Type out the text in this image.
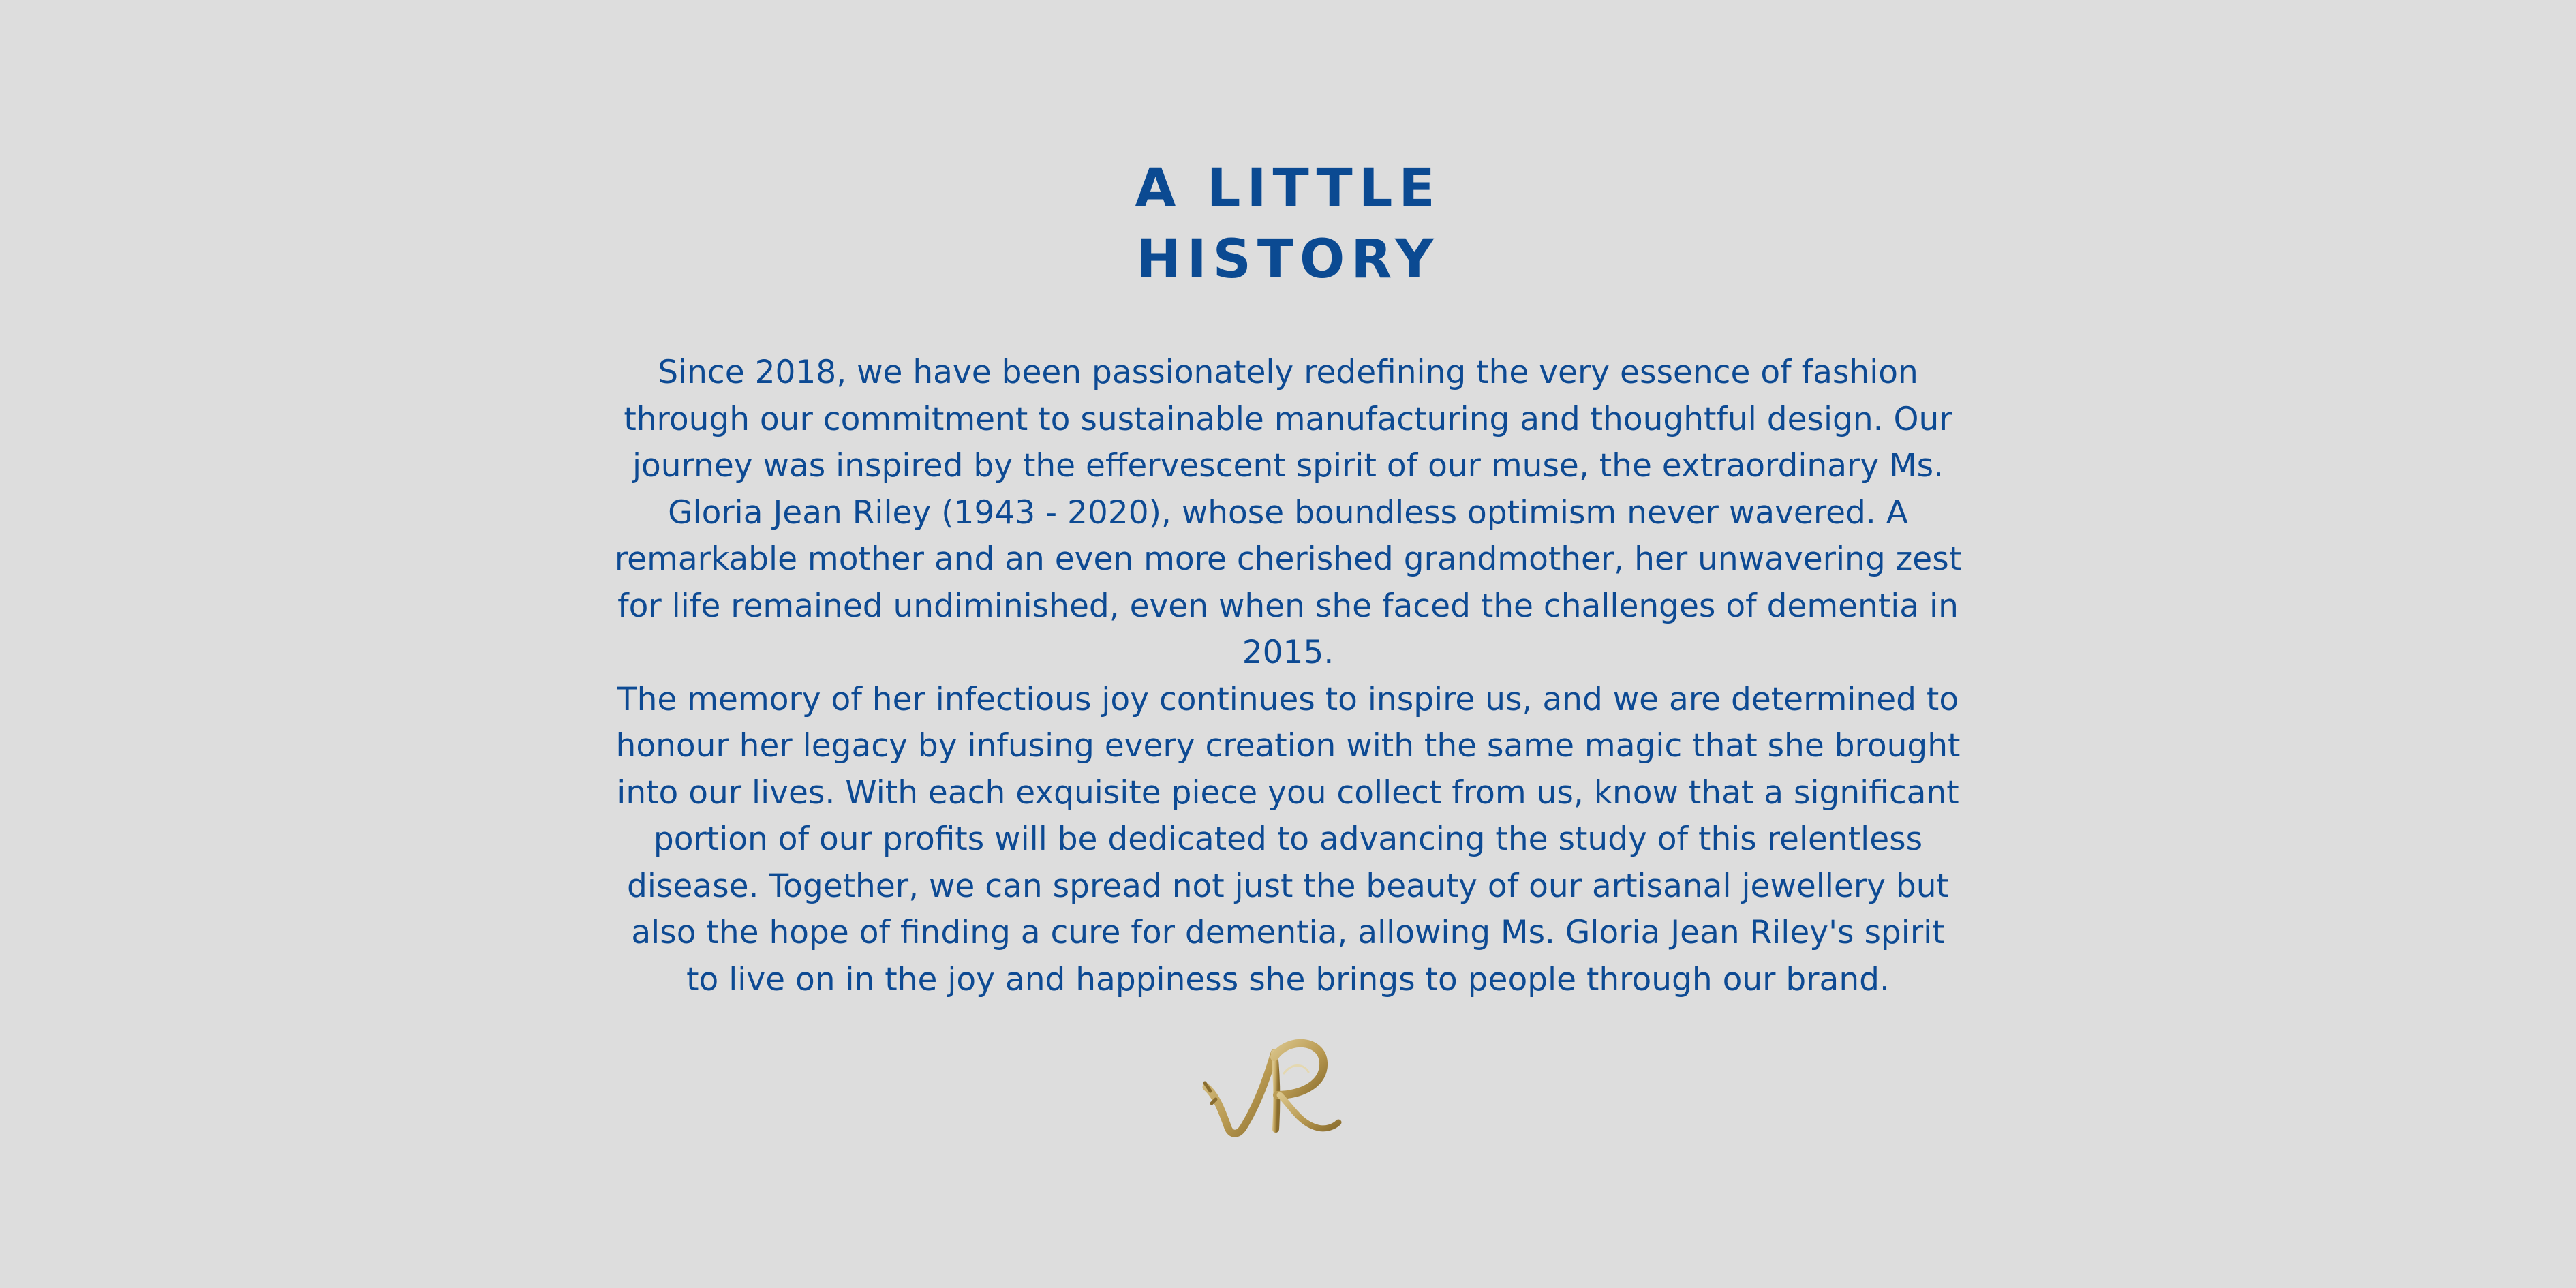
A LITTLE
HISTORY

Since 2018, we have been passionately redefining the very essence of fashion through our commitment to sustainable manufacturing and thoughtful design. Our journey was inspired by the effervescent spirit of our muse, the extraordinary Ms. Gloria Jean Riley (1943 - 2020), whose boundless optimism never wavered. A remarkable mother and an even more cherished grandmother, her unwavering zest for life remained undiminished, even when she faced the challenges of dementia in 2015.

The memory of her infectious joy continues to inspire us, and we are determined to honour her legacy by infusing every creation with the same magic that she brought into our lives. With each exquisite piece you collect from us, know that a significant portion of our profits will be dedicated to advancing the study of this relentless disease. Together, we can spread not just the beauty of our artisanal jewellery but also the hope of finding a cure for dementia, allowing Ms. Gloria Jean Riley's spirit to live on in the joy and happiness she brings to people through our brand.
